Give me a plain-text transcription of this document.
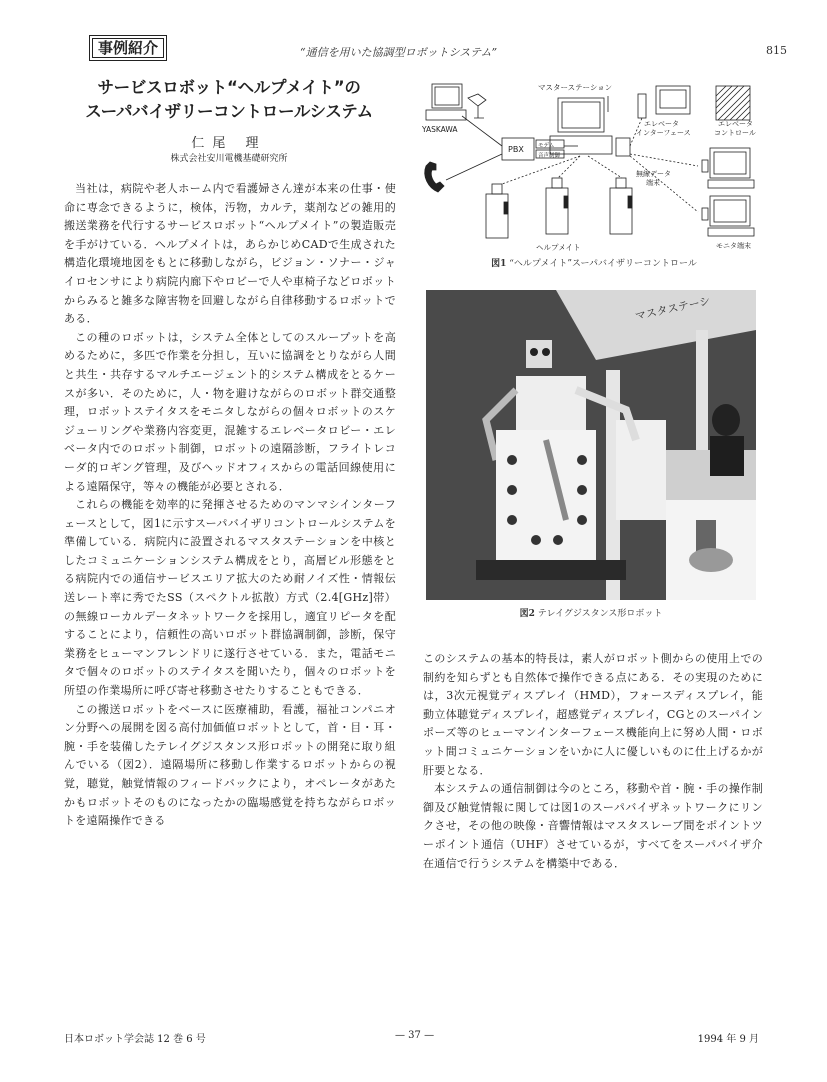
事例紹介	“通信を用いた協調型ロボットシステム”	815
サービスロボット“ヘルプメイト”の
スーパバイザリーコントロールシステム
仁尾 理
株式会社安川電機基礎研究所

当社は，病院や老人ホーム内で看護婦さん達が本来の仕事・使命に専念できるように，検体，汚物，カルテ，薬剤などの雑用的搬送業務を代行するサービスロボット“ヘルプメイト”の製造販売を手がけている．ヘルプメイトは，あらかじめCADで生成された構造化環境地図をもとに移動しながら，ビジョン・ソナー・ジャイロセンサにより病院内廊下やロビーで人や車椅子などロボットからみると雑多な障害物を回避しながら自律移動するロボットである．

この種のロボットは，システム全体としてのスループットを高めるために，多匹で作業を分担し，互いに協調をとりながら人間と共生・共存するマルチエージェント的システム構成をとるケースが多い．そのために，人・物を避けながらのロボット群交通整理，ロボットステイタスをモニタしながらの個々ロボットのスケジューリングや業務内容変更，混雑するエレベータロビー・エレベータ内でのロボット制御，ロボットの遠隔診断，フライトレコーダ的ロギング管理，及びヘッドオフィスからの電話回線使用による遠隔保守，等々の機能が必要とされる．

これらの機能を効率的に発揮させるためのマンマシインターフェースとして，図1に示すスーパバイザリコントロールシステムを準備している．病院内に設置されるマスタステーションを中核としたコミュニケーションシステム構成をとり，高層ビル形態をとる病院内での通信サービスエリア拡大のため耐ノイズ性・情報伝送レート率に秀でたSS（スペクトル拡散）方式（2.4[GHz]帯）の無線ローカルデータネットワークを採用し，適宜リピータを配することにより，信頼性の高いロボット群協調制御，診断，保守業務をヒューマンフレンドリに遂行させている．また，電話モニタで個々のロボットのステイタスを聞いたり，個々のロボットを所望の作業場所に呼び寄せ移動させたりすることもできる．

この搬送ロボットをベースに医療補助，看護，福祉コンパニオン分野への展開を図る高付加価値ロボットとして，首・目・耳・腕・手を装備したテレイグジスタンス形ロボットの開発に取り組んでいる（図2）．遠隔場所に移動し作業するロボットからの視覚，聴覚，触覚情報のフィードバックにより，オペレータがあたかもロボットそのものになったかの臨場感覚を持ちながらロボットを遠隔操作できる

YASKAWA
マスターステーション
PBX	モデム
音声制御
エレベータインターフェース
エレベータコントロール
無線データ端末
モニタ端末
ヘルプメイト
図1 “ヘルプメイト”スーパバイザリーコントロール
マスタステーシ
図2 テレイグジスタンス形ロボット

このシステムの基本的特長は，素人がロボット側からの使用上での制約を知らずとも自然体で操作できる点にある．その実現のためには，3次元視覚ディスプレイ（HMD），フォースディスプレイ，能動立体聴覚ディスプレイ，超感覚ディスプレイ，CGとのスーパインポーズ等のヒューマンインターフェース機能向上に努め人間・ロボット間コミュニケーションをいかに人に優しいものに仕上げるかが肝要となる．

本システムの通信制御は今のところ，移動や首・腕・手の操作制御及び触覚情報に関しては図1のスーパバイザネットワークにリンクさせ，その他の映像・音響情報はマスタスレーブ間をポイントツーポイント通信（UHF）させているが，すべてをスーパバイザ介在通信で行うシステムを構築中である．

日本ロボット学会誌 12 巻 6 号	— 37 —	1994 年 9 月
